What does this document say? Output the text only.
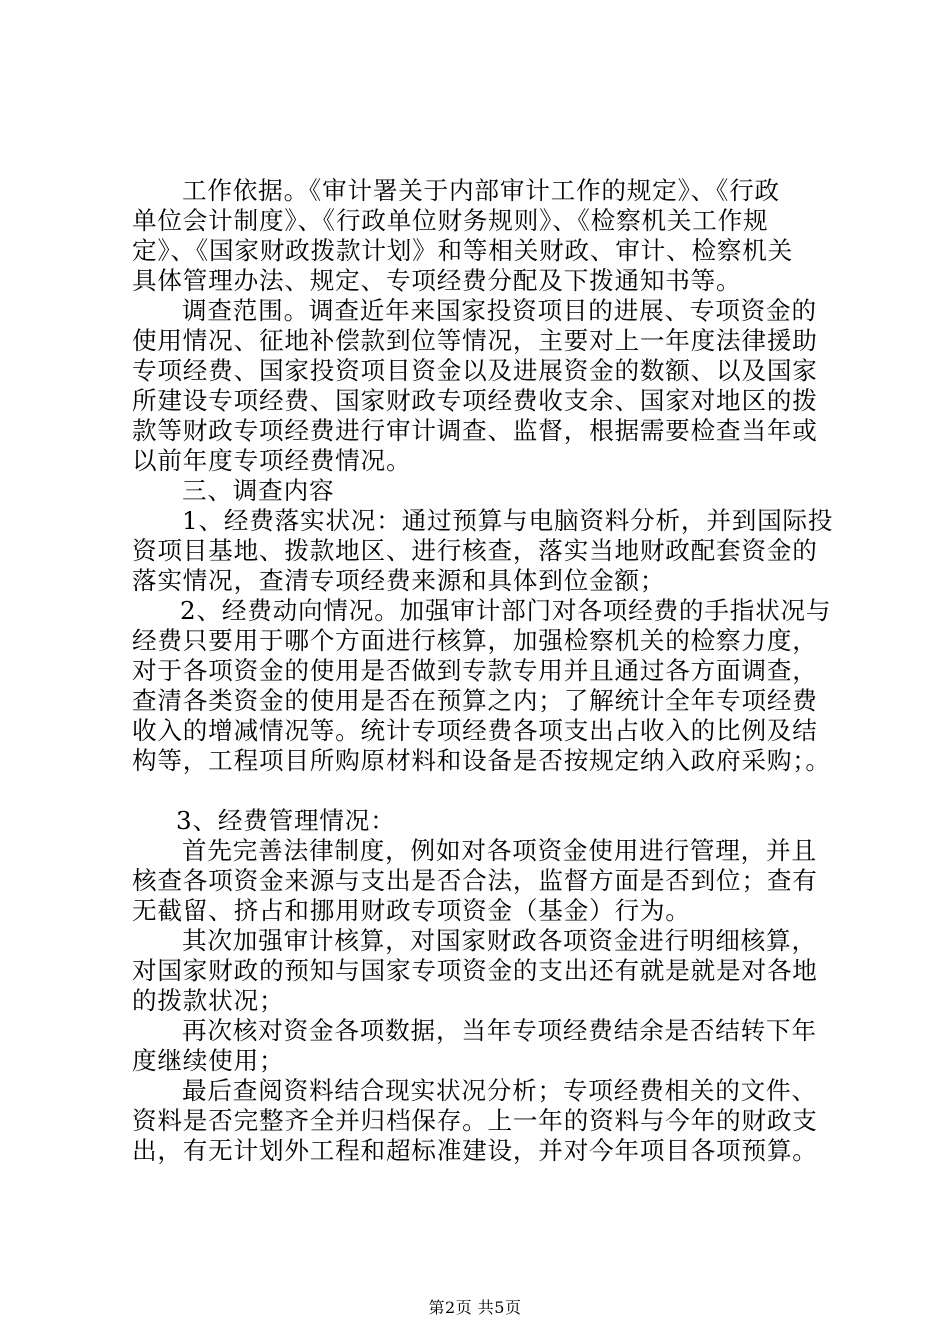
工作依据。《审计署关于内部审计工作的规定》、《行政
单位会计制度》、《行政单位财务规则》、《检察机关工作规
定》、《国家财政拨款计划》和等相关财政、审计、检察机关
具体管理办法、规定、专项经费分配及下拨通知书等。
调查范围。调查近年来国家投资项目的进展、专项资金的
使用情况、征地补偿款到位等情况，主要对上一年度法律援助
专项经费、国家投资项目资金以及进展资金的数额、以及国家
所建设专项经费、国家财政专项经费收支余、国家对地区的拨
款等财政专项经费进行审计调查、监督，根据需要检查当年或
以前年度专项经费情况。
三、调查内容
1、经费落实状况：通过预算与电脑资料分析，并到国际投
资项目基地、拨款地区、进行核查，落实当地财政配套资金的
落实情况，查清专项经费来源和具体到位金额；
2、经费动向情况。加强审计部门对各项经费的手指状况与
经费只要用于哪个方面进行核算，加强检察机关的检察力度，
对于各项资金的使用是否做到专款专用并且通过各方面调查，
查清各类资金的使用是否在预算之内；了解统计全年专项经费
收入的增减情况等。统计专项经费各项支出占收入的比例及结
构等，工程项目所购原材料和设备是否按规定纳入政府采购；。
3、经费管理情况：
首先完善法律制度，例如对各项资金使用进行管理，并且
核查各项资金来源与支出是否合法，监督方面是否到位；查有
无截留、挤占和挪用财政专项资金（基金）行为。
其次加强审计核算，对国家财政各项资金进行明细核算，
对国家财政的预知与国家专项资金的支出还有就是就是对各地
的拨款状况；
再次核对资金各项数据，当年专项经费结余是否结转下年
度继续使用；
最后查阅资料结合现实状况分析；专项经费相关的文件、
资料是否完整齐全并归档保存。上一年的资料与今年的财政支
出，有无计划外工程和超标准建设，并对今年项目各项预算。
第2页 共5页
